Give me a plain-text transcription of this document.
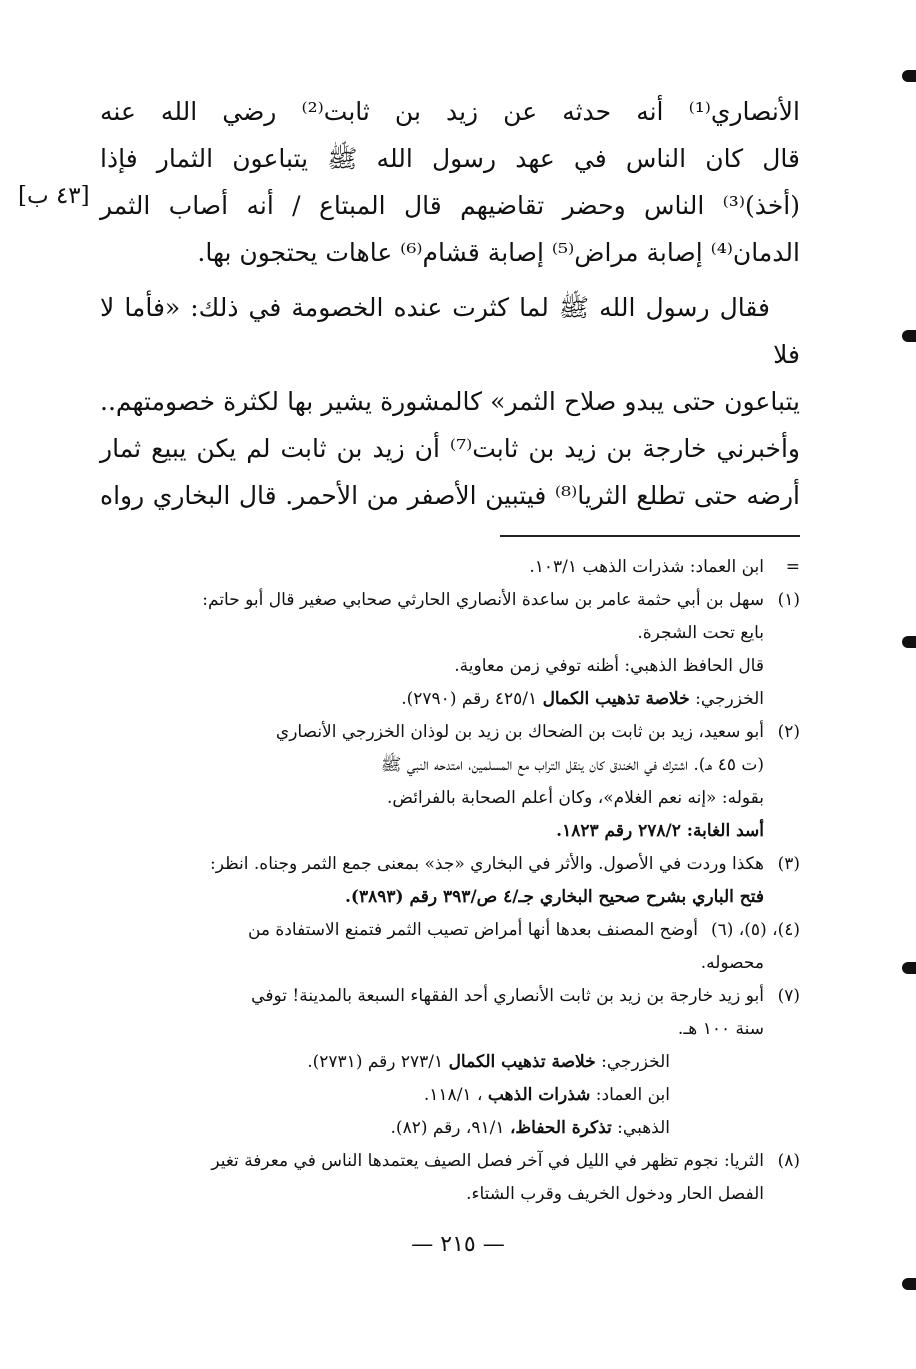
[٤٣ ب]

الأنصاري⁽¹⁾ أنه حدثه عن زيد بن ثابت⁽²⁾ رضي الله عنه

قال كان الناس في عهد رسول الله ﷺ يتباعون الثمار فإذا

(أخذ)⁽³⁾ الناس وحضر تقاضيهم قال المبتاع / أنه أصاب الثمر

الدمان⁽⁴⁾ إصابة مراض⁽⁵⁾ إصابة قشام⁽⁶⁾ عاهات يحتجون بها.

فقال رسول الله ﷺ لما كثرت عنده الخصومة في ذلك: «فأما لا فلا

يتباعون حتى يبدو صلاح الثمر» كالمشورة يشير بها لكثرة خصومتهم..

وأخبرني خارجة بن زيد بن ثابت⁽⁷⁾ أن زيد بن ثابت لم يكن يبيع ثمار

أرضه حتى تطلع الثريا⁽⁸⁾ فيتبين الأصفر من الأحمر. قال البخاري رواه

=
ابن العماد: شذرات الذهب ١٠٣/١.
(١)
سهل بن أبي حثمة عامر بن ساعدة الأنصاري الحارثي صحابي صغير قال أبو حاتم:
بايع تحت الشجرة.
قال الحافظ الذهبي: أظنه توفي زمن معاوية.
الخزرجي: خلاصة تذهيب الكمال ٤٢٥/١ رقم (٢٧٩٠).
(٢)
أبو سعيد، زيد بن ثابت بن الضحاك بن زيد بن لوذان الخزرجي الأنصاري
(ت ٤٥ هـ). اشترك في الخندق كان ينقل التراب مع المسلمين، امتدحه النبي ﷺ
بقوله: «إنه نعم الغلام»، وكان أعلم الصحابة بالفرائض.
أسد الغابة: ٢٧٨/٢ رقم ١٨٢٣.
(٣)
هكذا وردت في الأصول. والأثر في البخاري «جذ» بمعنى جمع الثمر وجناه. انظر:
فتح الباري بشرح صحيح البخاري جـ/٤ ص/٣٩٣ رقم (٣٨٩٣).
(٤)، (٥)، (٦)
أوضح المصنف بعدها أنها أمراض تصيب الثمر فتمنع الاستفادة من
محصوله.
(٧)
أبو زيد خارجة بن زيد بن ثابت الأنصاري أحد الفقهاء السبعة بالمدينة! توفي
سنة ١٠٠ هـ.
الخزرجي: خلاصة تذهيب الكمال ٢٧٣/١ رقم (٢٧٣١).
ابن العماد: شذرات الذهب ، ١١٨/١.
الذهبي: تذكرة الحفاظ، ٩١/١، رقم (٨٢).
(٨)
الثريا: نجوم تظهر في الليل في آخر فصل الصيف يعتمدها الناس في معرفة تغير
الفصل الحار ودخول الخريف وقرب الشتاء.
— ٢١٥ —
